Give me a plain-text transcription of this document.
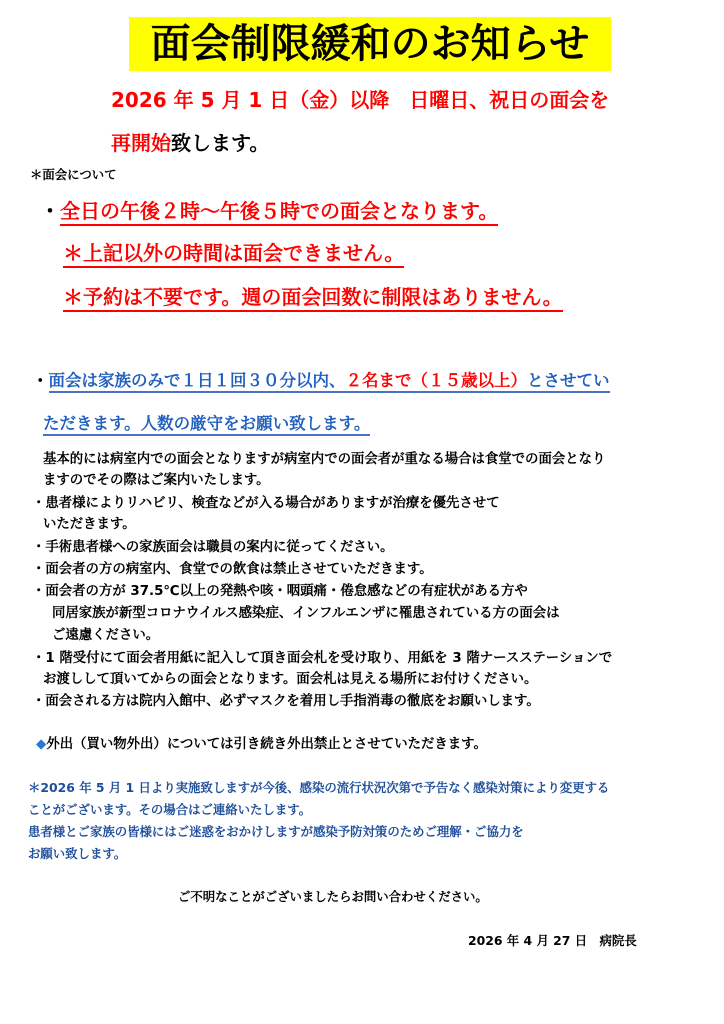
面会制限緩和のお知らせ
2026 年 5 月 1 日（金）以降　日曜日、祝日の面会を
再開始致します。
＊面会について
・全日の午後２時～午後５時での面会となります。
＊上記以外の時間は面会できません。
＊予約は不要です。週の面会回数に制限はありません。
・面会は家族のみで１日１回３０分以内、２名まで（１５歳以上）とさせてい
ただきます。人数の厳守をお願い致します。
基本的には病室内での面会となりますが病室内での面会者が重なる場合は食堂での面会となり
ますのでその際はご案内いたします。
・患者様によりリハビリ、検査などが入る場合がありますが治療を優先させて
いただきます。
・手術患者様への家族面会は職員の案内に従ってください。
・面会者の方の病室内、食堂での飲食は禁止させていただきます。
・面会者の方が 37.5℃以上の発熱や咳・咽頭痛・倦怠感などの有症状がある方や
同居家族が新型コロナウイルス感染症、インフルエンザに罹患されている方の面会は
ご遠慮ください。
・1 階受付にて面会者用紙に記入して頂き面会札を受け取り、用紙を 3 階ナースステーションで
お渡しして頂いてからの面会となります。面会札は見える場所にお付けください。
・面会される方は院内入館中、必ずマスクを着用し手指消毒の徹底をお願いします。
◆外出（買い物外出）については引き続き外出禁止とさせていただきます。
＊2026 年 5 月 1 日より実施致しますが今後、感染の流行状況次第で予告なく感染対策により変更する
ことがございます。その場合はご連絡いたします。
患者様とご家族の皆様にはご迷惑をおかけしますが感染予防対策のためご理解・ご協力を
お願い致します。
ご不明なことがございましたらお問い合わせください。
2026 年 4 月 27 日　病院長
